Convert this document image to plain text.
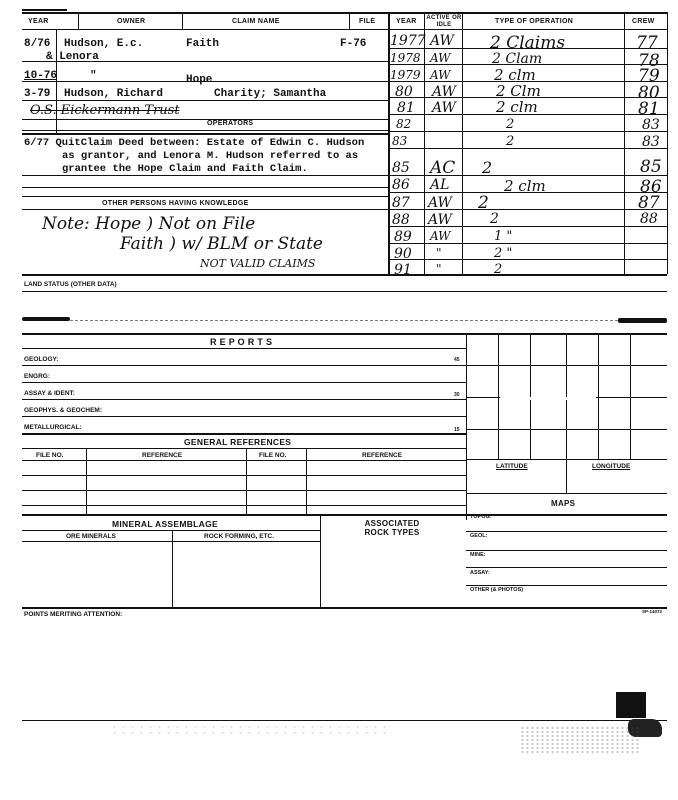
YEAR	OWNER	CLAIM NAME	FILE	YEAR ACTIVE OR IDLE	TYPE OF OPERATION	CREW
8/76 Hudson, E.c.	Faith	F-76
& Lenora
10-76	"	Hope
3-79 Hudson, Richard	Charity; Samantha
O.S. Eickermann Trust
OPERATORS
6/77 QuitClaim Deed between: Estate of Edwin C. Hudson
as grantor, and Lenora M. Hudson referred to as
grantee the Hope Claim and Faith Claim.
OTHER PERSONS HAVING KNOWLEDGE
Note: Hope ) Not on File
Faith ) w/ BLM or State
NOT VALID CLAIMS
1977 AW 2 Claims	77
1978 AW	2 Clam	78
1979 AW	2 clm	79
80 AW	2 Clm	80
81 AW	2 clm	81
82	2	83
83	2	83
85 AC 2	85
86 AL	2 clm	86
87 AW 2	87
88 AW	2	88
89 AW	1 "
90 "	2 "
91 "	2
LAND STATUS (OTHER DATA)
R E P O R T S
GEOLOGY:	45
ENGRG:
ASSAY & IDENT:	30
GEOPHYS. & GEOCHEM:
METALLURGICAL:	15
GENERAL REFERENCES
FILE NO.	REFERENCE	FILE NO.	REFERENCE
LATITUDE	LONGITUDE
MAPS
TOPOG:
GEOL:
MINE:
ASSAY:
OTHER (& PHOTOS)
MINERAL ASSEMBLAGE	ASSOCIATED ROCK TYPES
ORE MINERALS	ROCK FORMING, ETC.
POINTS MERITING ATTENTION:	SP-14072
